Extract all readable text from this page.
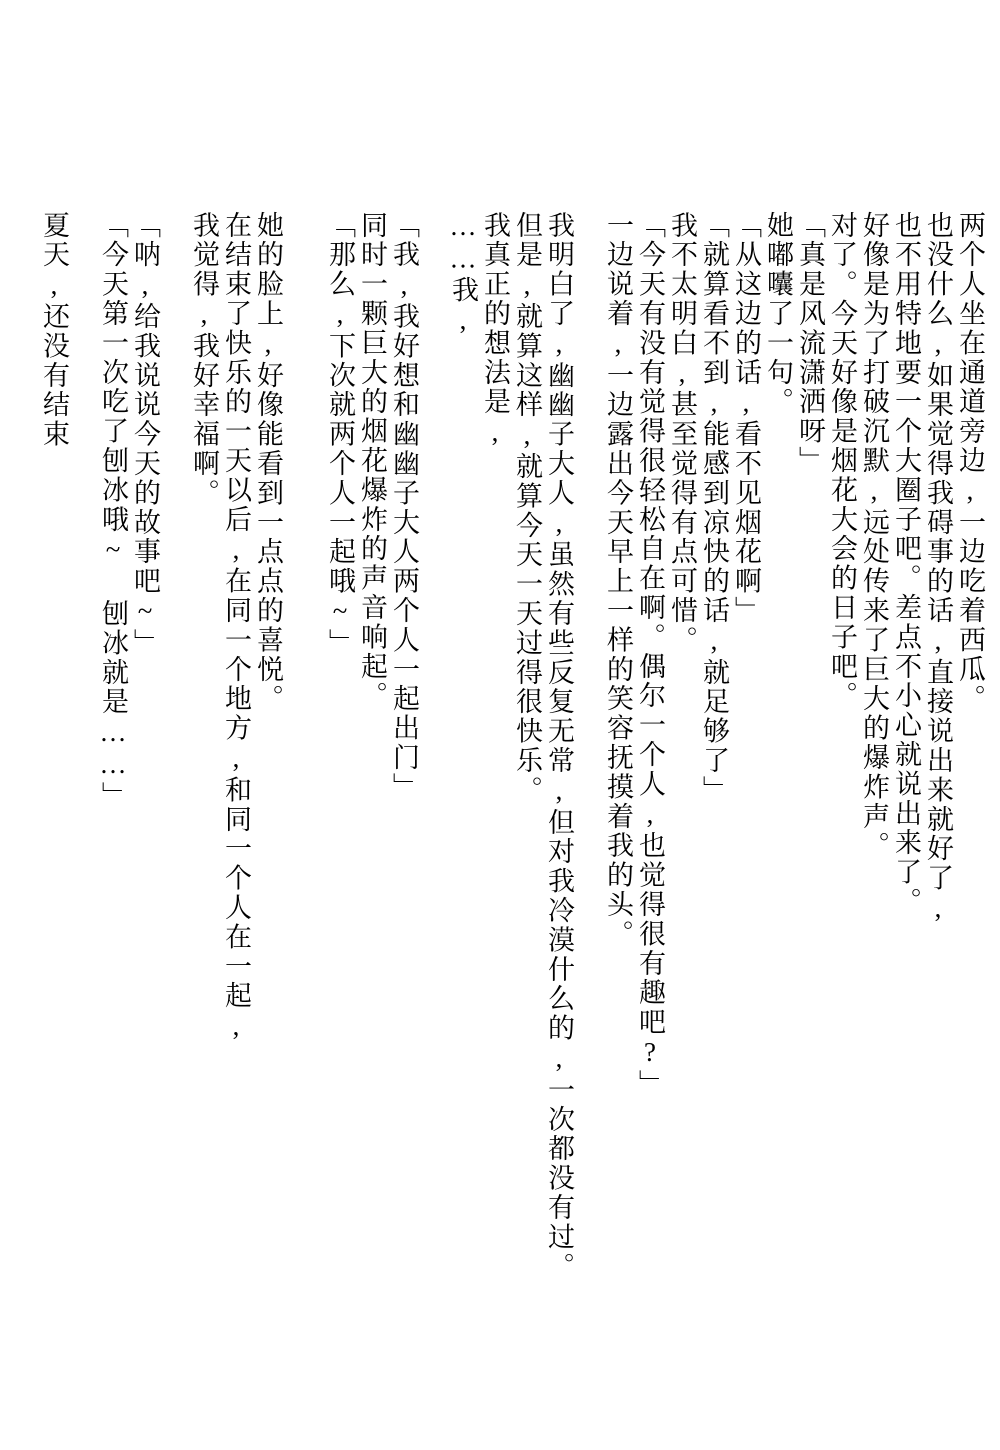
两个人坐在通道旁边,一边吃着西瓜。
也没什么,如果觉得我碍事的话,直接说出来就好了,
也不用特地要一个大圈子吧。差点不小心就说出来了。
好像是为了打破沉默,远处传来了巨大的爆炸声。
对了。今天好像是烟花大会的日子吧。
「真是风流潇洒呀」
她嘟囔了一句。
「从这边的话,看不见烟花啊」
「就算看不到,能感到凉快的话,就足够了」
我不太明白,甚至觉得有点可惜。
「今天有没有觉得很轻松自在啊。偶尔一个人,也觉得很有趣吧?」
一边说着,一边露出今天早上一样的笑容抚摸着我的头。

我明白了,幽幽子大人,虽然有些反复无常,但对我冷漠什么的,一次都没有过。
但是,就算这样,就算今天一天过得很快乐。
我真正的想法是,
……我,

「我,我好想和幽幽子大人两个人一起出门」
同时一颗巨大的烟花爆炸的声音响起。
「那么,下次就两个人一起哦~」

她的脸上,好像能看到一点点的喜悦。
在结束了快乐的一天以后,在同一个地方,和同一个人在一起,
我觉得,我好幸福啊。

「呐,给我说说今天的故事吧~」
「今天第一次吃了刨冰哦~ 刨冰就是……」

夏天,还没有结束
